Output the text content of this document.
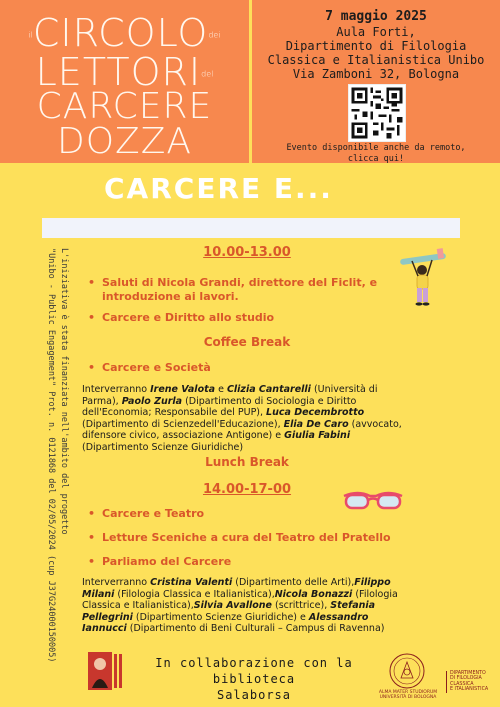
ilCIRCOLOdei
LETTORIdel
CARCERE
DOZZA
7 maggio 2025
Aula Forti,
Dipartimento di Filologia
Classica e Italianistica Unibo
Via Zamboni 32, Bologna
Evento disponibile anche da remoto,
clicca qui!
CARCERE E...
L'iniziativa è stata finanziata nell'ambito del progetto
"Unibo - Public Engagement" Prot. n. 0121868 del 02/05/2024 (cup J37G24000150005)	10.00-13.00
• Saluti di Nicola Grandi, direttore del Ficlit, e introduzione ai lavori.
• Carcere e Diritto allo studio
Coffee Break
• Carcere e Società
Lunch Break
14.00-17-00
• Carcere e Teatro
• Letture Sceniche a cura del Teatro del Pratello
• Parliamo del Carcere
Interverranno Irene Valota e Clizia Cantarelli (Università di Parma), Paolo Zurla (Dipartimento di Sociologia e Diritto dell'Economia; Responsabile del PUP), Luca Decembrotto (Dipartimento di Scienzedell'Educazione), Elia De Caro (avvocato, difensore civico, associazione Antigone) e Giulia Fabini (Dipartimento Scienze Giuridiche)
Interverranno Cristina Valenti (Dipartimento delle Arti),Filippo Milani (Filologia Classica e Italianistica),Nicola Bonazzi (Filologia Classica e Italianistica),Silvia Avallone (scrittrice), Stefania Pellegrini (Dipartimento Scienze Giuridiche) e Alessandro Iannucci (Dipartimento di Beni Culturali – Campus di Ravenna)
In collaborazione con la biblioteca
Salaborsa	ALMA MATER STUDIORUM
UNIVERSITÀ DI BOLOGNA
DIPARTIMENTO
DI FILOLOGIA CLASSICA
E ITALIANISTICA
